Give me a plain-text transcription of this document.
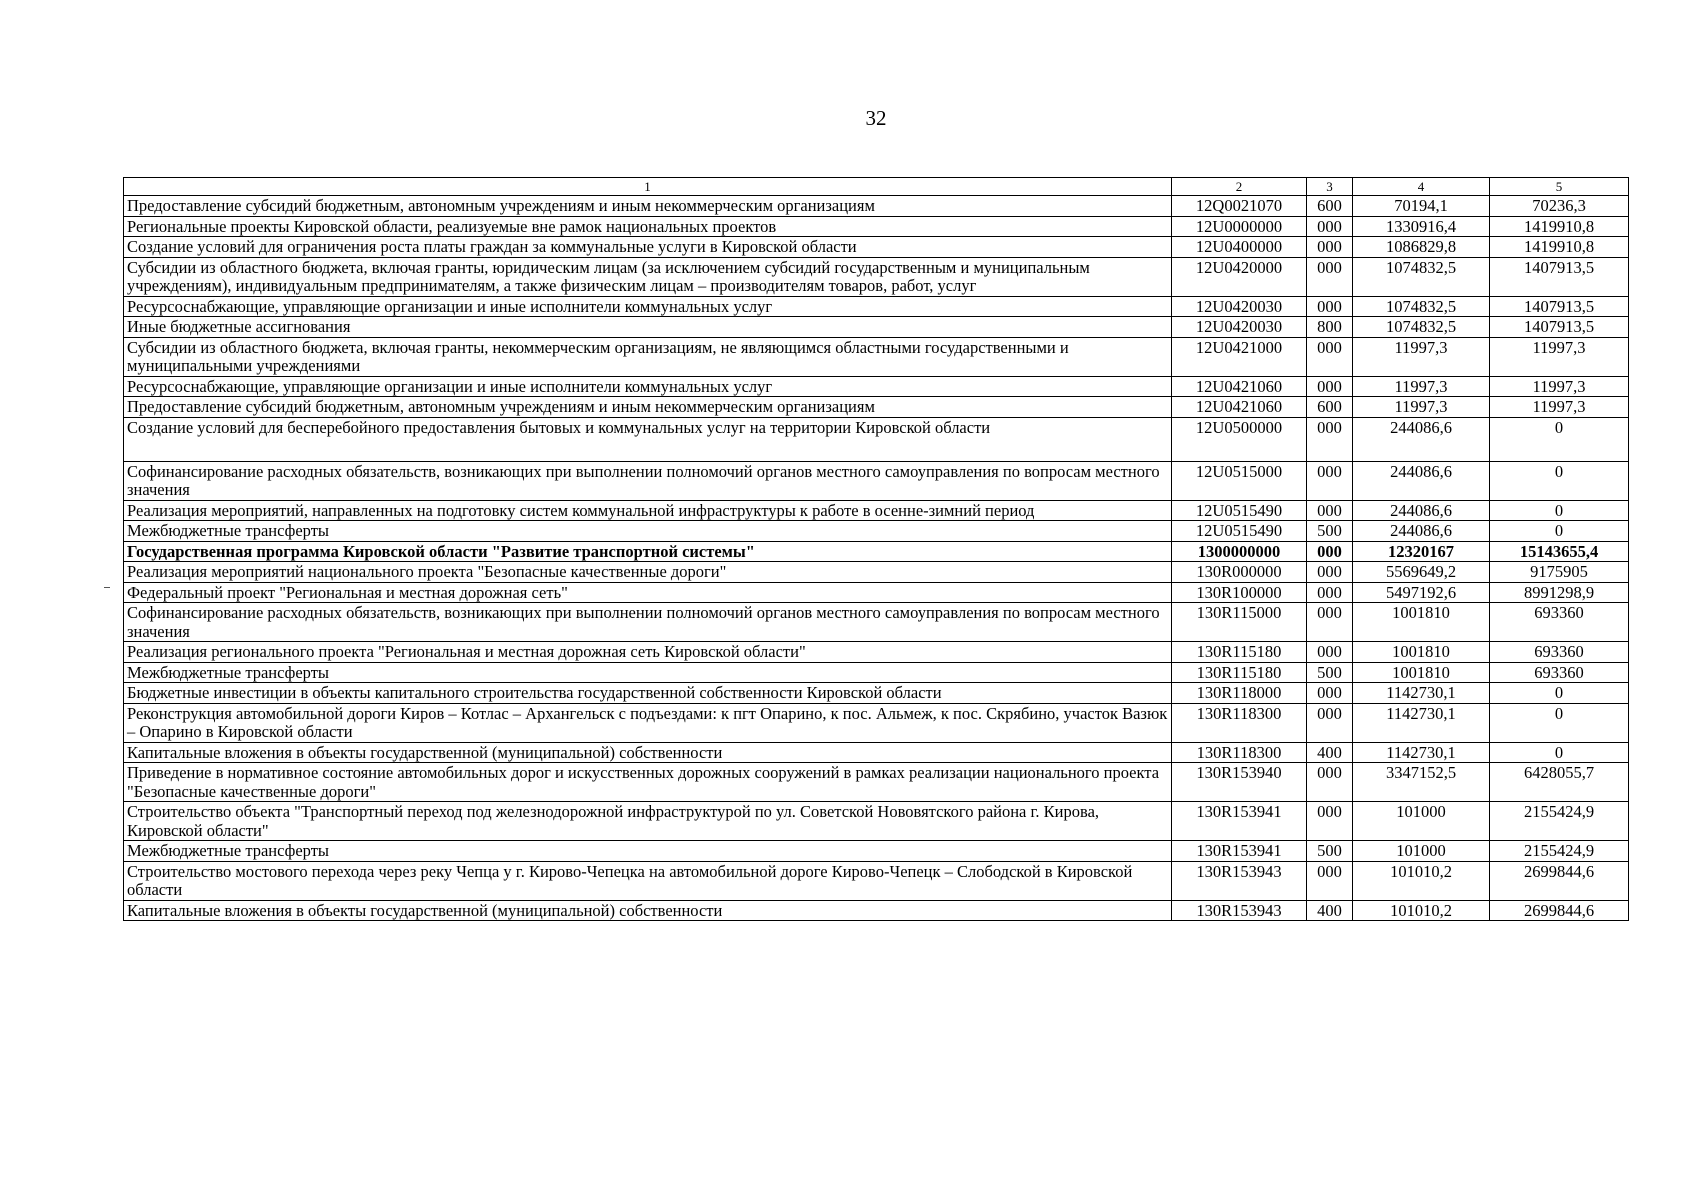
32
1	2	3	4	5
Предоставление субсидий бюджетным, автономным учреждениям и иным некоммерческим организациям	12Q0021070	600	70194,1	70236,3
Региональные проекты Кировской области, реализуемые вне рамок национальных проектов	12U0000000	000	1330916,4	1419910,8
Создание условий для ограничения роста платы граждан за коммунальные услуги в Кировской области	12U0400000	000	1086829,8	1419910,8
Субсидии из областного бюджета, включая гранты, юридическим лицам (за исключением субсидий государственным и муниципальным учреждениям), индивидуальным предпринимателям, а также физическим лицам – производителям товаров, работ, услуг	12U0420000	000	1074832,5	1407913,5
Ресурсоснабжающие, управляющие организации и иные исполнители коммунальных услуг	12U0420030	000	1074832,5	1407913,5
Иные бюджетные ассигнования	12U0420030	800	1074832,5	1407913,5
Субсидии из областного бюджета, включая гранты, некоммерческим организациям, не являющимся областными государственными и муниципальными учреждениями	12U0421000	000	11997,3	11997,3
Ресурсоснабжающие, управляющие организации и иные исполнители коммунальных услуг	12U0421060	000	11997,3	11997,3
Предоставление субсидий бюджетным, автономным учреждениям и иным некоммерческим организациям	12U0421060	600	11997,3	11997,3
Создание условий для бесперебойного предоставления бытовых и коммунальных услуг на территории Кировской области	12U0500000	000	244086,6	0
Софинансирование расходных обязательств, возникающих при выполнении полномочий органов местного самоуправления по вопросам местного значения	12U0515000	000	244086,6	0
Реализация мероприятий, направленных на подготовку систем коммунальной инфраструктуры к работе в осенне-зимний период	12U0515490	000	244086,6	0
Межбюджетные трансферты	12U0515490	500	244086,6	0
Государственная программа Кировской области "Развитие транспортной системы"	1300000000	000	12320167	15143655,4
Реализация мероприятий национального проекта "Безопасные качественные дороги"	130R000000	000	5569649,2	9175905
Федеральный проект "Региональная и местная дорожная сеть"	130R100000	000	5497192,6	8991298,9
Софинансирование расходных обязательств, возникающих при выполнении полномочий органов местного самоуправления по вопросам местного значения	130R115000	000	1001810	693360
Реализация регионального проекта "Региональная и местная дорожная сеть Кировской области"	130R115180	000	1001810	693360
Межбюджетные трансферты	130R115180	500	1001810	693360
Бюджетные инвестиции в объекты капитального строительства государственной собственности Кировской области	130R118000	000	1142730,1	0
Реконструкция автомобильной дороги Киров – Котлас – Архангельск с подъездами: к пгт Опарино, к пос. Альмеж, к пос. Скрябино, участок Вазюк – Опарино в Кировской области	130R118300	000	1142730,1	0
Капитальные вложения в объекты государственной (муниципальной) собственности	130R118300	400	1142730,1	0
Приведение в нормативное состояние автомобильных дорог и искусственных дорожных сооружений в рамках реализации национального проекта "Безопасные качественные дороги"	130R153940	000	3347152,5	6428055,7
Строительство объекта "Транспортный переход под железнодорожной инфраструктурой по ул. Советской Нововятского района г. Кирова, Кировской области"	130R153941	000	101000	2155424,9
Межбюджетные трансферты	130R153941	500	101000	2155424,9
Строительство мостового перехода через реку Чепца у г. Кирово-Чепецка на автомобильной дороге Кирово-Чепецк – Слободской в Кировской области	130R153943	000	101010,2	2699844,6
Капитальные вложения в объекты государственной (муниципальной) собственности	130R153943	400	101010,2	2699844,6
